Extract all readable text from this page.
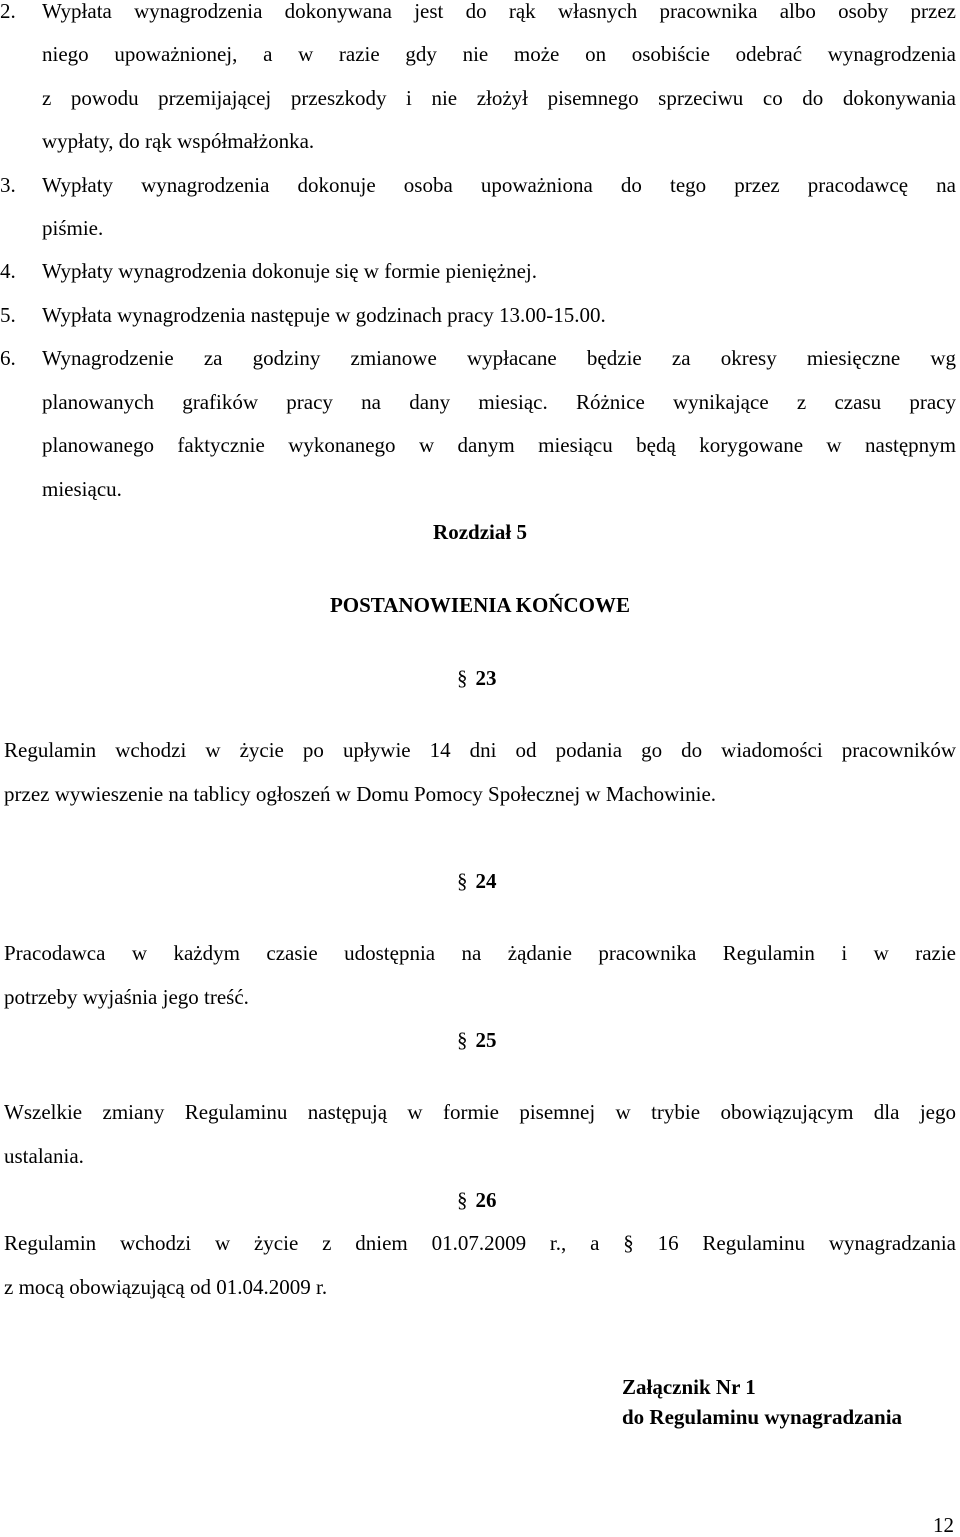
2.	Wypłata wynagrodzenia dokonywana jest do rąk własnych pracownika albo osoby przez
niego upoważnionej, a w razie gdy nie może on osobiście odebrać wynagrodzenia
z powodu przemijającej przeszkody i nie złożył pisemnego sprzeciwu co do dokonywania
wypłaty, do rąk współmałżonka.
3.	Wypłaty wynagrodzenia dokonuje osoba upoważniona do tego przez pracodawcę na
piśmie.
4.	Wypłaty wynagrodzenia dokonuje się w formie pieniężnej.
5.	Wypłata wynagrodzenia następuje w godzinach pracy 13.00-15.00.
6.	Wynagrodzenie za godziny zmianowe wypłacane będzie za okresy miesięczne wg
planowanych grafików pracy na dany miesiąc. Różnice wynikające z czasu pracy
planowanego faktycznie wykonanego w danym miesiącu będą korygowane w następnym
miesiącu.
Rozdział 5
POSTANOWIENIA KOŃCOWE
§ 23
Regulamin wchodzi w życie po upływie 14 dni od podania go do wiadomości pracowników
przez wywieszenie na tablicy ogłoszeń w Domu Pomocy Społecznej w Machowinie.
§ 24
Pracodawca w każdym czasie udostępnia na żądanie pracownika Regulamin i w razie
potrzeby wyjaśnia jego treść.
§ 25
Wszelkie zmiany Regulaminu następują w formie pisemnej w trybie obowiązującym dla jego
ustalania.
§ 26
Regulamin wchodzi w życie z dniem 01.07.2009 r., a § 16 Regulaminu wynagradzania
z mocą obowiązującą od 01.04.2009 r.
Załącznik Nr 1
do Regulaminu wynagradzania
12
